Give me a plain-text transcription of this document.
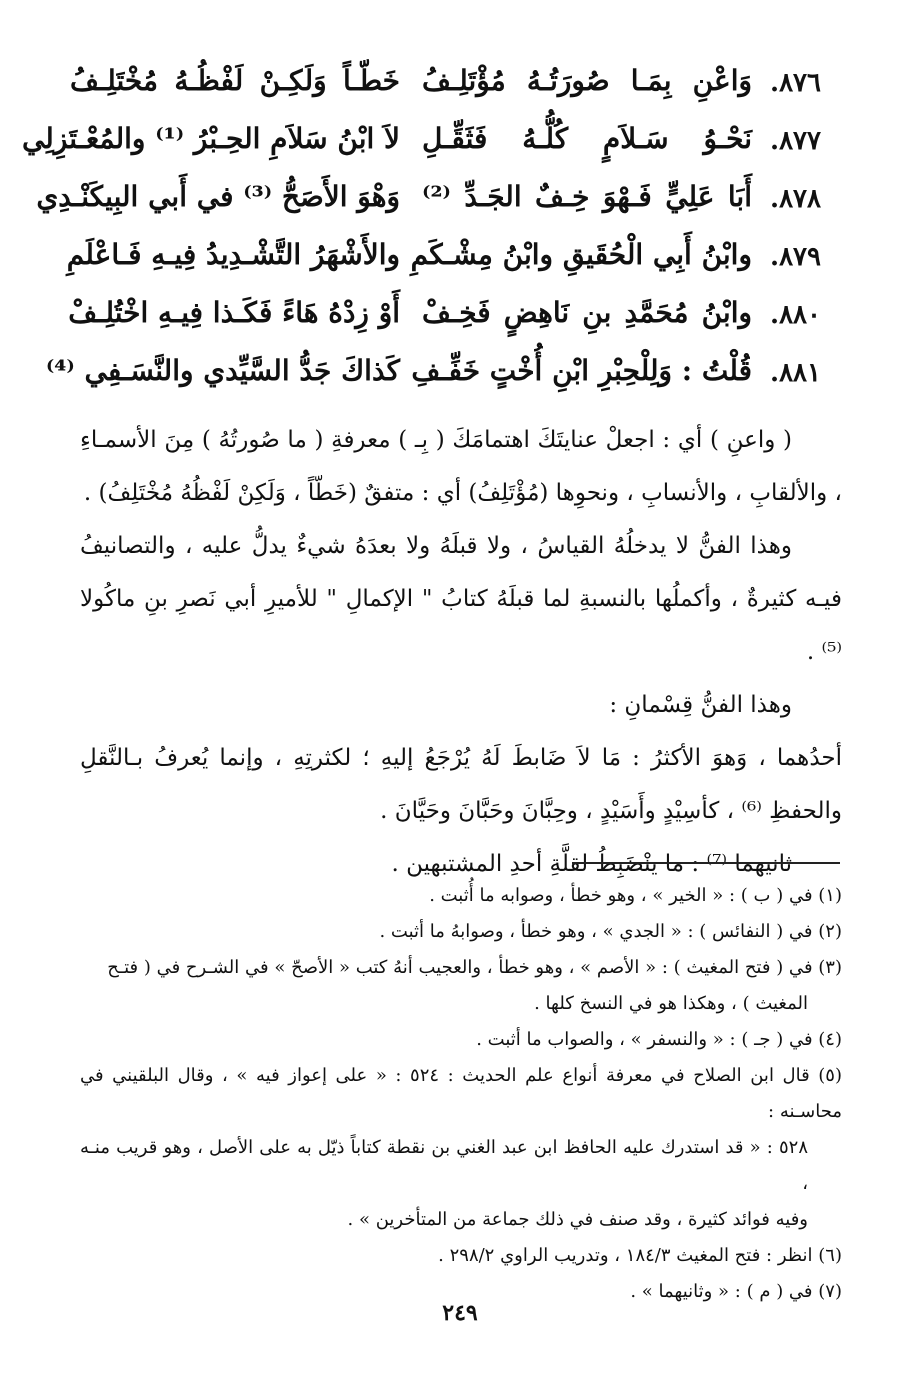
٨٧٦.
وَاعْنِ بِمَـا صُورَتُـهُ مُؤْتَلِـفُ
خَطّـاً وَلَكِـنْ لَفْظُـهُ مُخْتَلِـفُ
٨٧٧.
نَحْـوُ سَـلاَمٍ كُلُّـهُ فَثَقِّـلِ
لاَ ابْنُ سَلاَمِ الحِـبْرُ ⁽¹⁾ والمُعْـتَزِلِي
٨٧٨.
أَبَا عَلِيٍّ فَـهْوَ خِـفٌ الجَـدِّ ⁽²⁾
وَهْوَ الأَصَحُّ ⁽³⁾ في أَبي البِيكَنْـدِي
٨٧٩.
وابْنُ أَبِي الْحُقَيقِ وابْنُ مِشْـكَمِ
والأَشْهَرُ التَّشْـدِيدُ فِيـهِ فَـاعْلَمِ
٨٨٠.
وابْنُ مُحَمَّدِ بنِ نَاهِضٍ فَخِـفْ
أَوْ زِدْهُ هَاءً فَكَـذا فِيـهِ اخْتُلِـفْ
٨٨١.
قُلْتُ : وَلِلْحِبْرِ ابْنِ أُخْتٍ خَفِّـفِ
كَذاكَ جَدُّ السَّيِّدي والنَّسَـفِي ⁽⁴⁾

( واعنِ ) أي : اجعلْ عنايتَكَ اهتمامَكَ ( بِـ ) معرفةِ ( ما صُورتُهُ ) مِنَ الأسمـاءِ ، والألقابِ ، والأنسابِ ، ونحوِها (مُؤْتَلِفُ) أي : متفقٌ (خَطّاً ، وَلَكِنْ لَفْظُهُ مُخْتَلِفُ) .

وهذا الفنُّ لا يدخلُهُ القياسُ ، ولا قبلَهُ ولا بعدَهُ شيءٌ يدلُّ عليه ، والتصانيفُ فيـه كثيرةٌ ، وأكملُها بالنسبةِ لما قبلَهُ كتابُ " الإكمالِ " للأميرِ أبي نَصرِ بنِ ماكُولا ⁽⁵⁾ .

وهذا الفنُّ قِسْمانِ :

أحدُهما ، وَهوَ الأكثرُ : مَا لاَ ضَابطَ لَهُ يُرْجَعُ إليهِ ؛ لكثرتِهِ ، وإنما يُعرفُ بـالنَّقلِ والحفظِ ⁽⁶⁾ ، كأسِيْدٍ وأَسَيْدٍ ، وحِبَّانَ وحَبَّانَ وحَيَّانَ .

ثانيهما ⁽⁷⁾ : ما ينْضَبِطُ لقلَّةِ أحدِ المشتبهين .

(١) في ( ب ) : « الخير » ، وهو خطأ ، وصوابه ما أُثبت .

(٢) في ( النفائس ) : « الجدي » ، وهو خطأ ، وصوابهُ ما أثبت .

(٣) في ( فتح المغيث ) : « الأصم » ، وهو خطأ ، والعجيب أنهُ كتب « الأصحّ » في الشـرح في ( فتـح

المغيث ) ، وهكذا هو في النسخ كلها .

(٤) في ( جـ ) : « والنسفر » ، والصواب ما أثبت .

(٥) قال ابن الصلاح في معرفة أنواع علم الحديث : ٥٢٤ : « على إعواز فيه » ، وقال البلقيني في محاسـنه :

٥٢٨ : « قد استدرك عليه الحافظ ابن عبد الغني بن نقطة كتاباً ذيّل به على الأصل ، وهو قريب منـه ،

وفيه فوائد كثيرة ، وقد صنف في ذلك جماعة من المتأخرين » .

(٦) انظر : فتح المغيث ١٨٤/٣ ، وتدريب الراوي ٢٩٨/٢ .

(٧) في ( م ) : « وثانيهما » .

٢٤٩
